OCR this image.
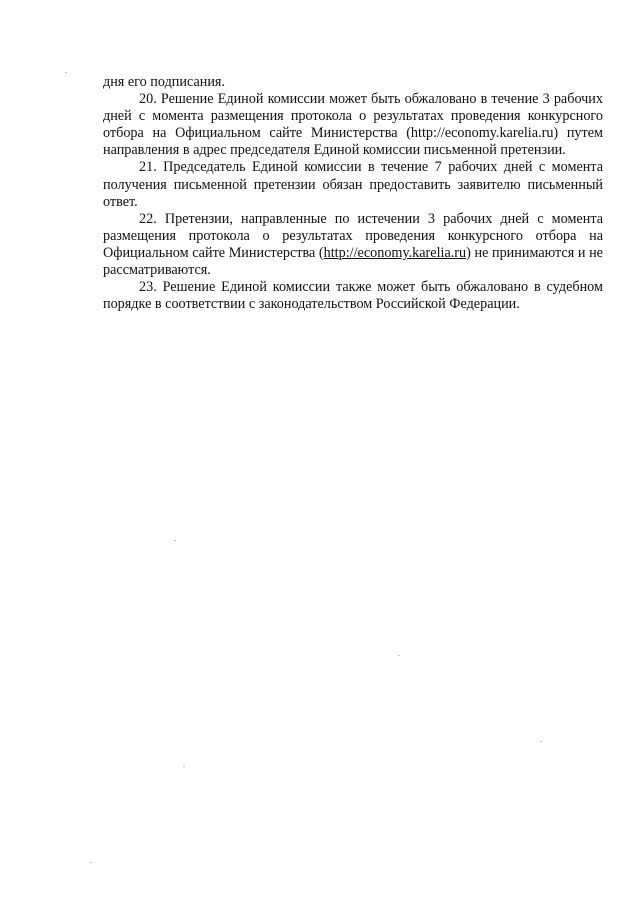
дня его подписания.

20. Решение Единой комиссии может быть обжаловано в течение 3 рабочих дней с момента размещения протокола о результатах проведения конкурсного отбора на Официальном сайте Министерства (http://economy.karelia.ru) путем направления в адрес председателя Единой комиссии письменной претензии.

21. Председатель Единой комиссии в течение 7 рабочих дней с момента получения письменной претензии обязан предоставить заявителю письменный ответ.

22. Претензии, направленные по истечении 3 рабочих дней с момента размещения протокола о результатах проведения конкурсного отбора на Официальном сайте Министерства (http://economy.karelia.ru) не принимаются и не рассматриваются.

23. Решение Единой комиссии также может быть обжаловано в судебном порядке в соответствии с законодательством Российской Федерации.
